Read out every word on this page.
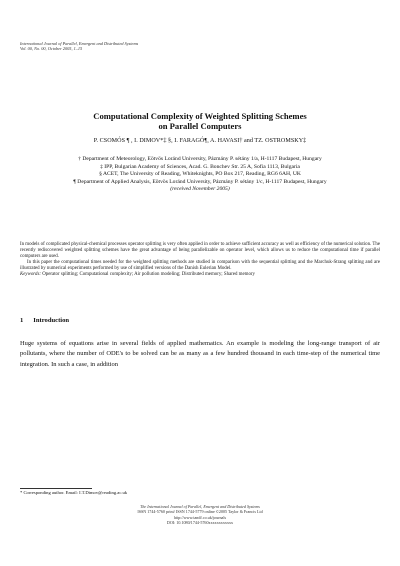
International Journal of Parallel, Emergent and Distributed Systems
Vol. 00, No. 00, October 2005, 1–15
Computational Complexity of Weighted Splitting Schemes
on Parallel Computers
P. CSOMÓS ¶ , I. DIMOV*‡ §, I. FARAGÓ¶, A. HAVASI† and TZ. OSTROMSKY‡

† Department of Meteorology, Eötvös Loránd University, Pázmány P. sétány 1/a, H-1117 Budapest, Hungary

‡ IPP, Bulgarian Academy of Sciences, Acad. G. Bonchev Str. 25 A, Sofia 1113, Bulgaria

§ ACET, The University of Reading, Whiteknights, PO Box 217, Reading, RG6 6AH, UK

¶ Department of Applied Analysis, Eötvös Loránd University, Pázmány P. sétány 1/c, H-1117 Budapest, Hungary

(received November 2005)

In models of complicated physical-chemical processes operator splitting is very often applied in order to achieve sufficient accuracy as well as efficiency of the numerical solution. The recently rediscovered weighted splitting schemes have the great advantage of being parallelizable on operator level, which allows us to reduce the computational time if parallel computers are used.

In this paper the computational times needed for the weighted splitting methods are studied in comparison with the sequential splitting and the Marchuk-Strang splitting and are illustrated by numerical experiments performed by use of simplified versions of the Danish Eulerian Model.

Keywords: Operator splitting; Computational complexity; Air pollution modeling; Distributed memory; Shared memory

1 Introduction

Huge systems of equations arise in several fields of applied mathematics. An example is modeling the long-range transport of air pollutants, where the number of ODE's to be solved can be as many as a few hundred thousand in each time-step of the numerical time integration. In such a case, in addition

* Corresponding author. Email: I.T.Dimov@reading.ac.uk
The International Journal of Parallel, Emergent and Distributed Systems
ISSN 1744-5760 print/ ISSN 1744-5779 online ©2005 Taylor & Francis Ltd
http://www.tandf.co.uk/journals
DOI: 10.1080/1744-5760xxxxxxxxxxxx
